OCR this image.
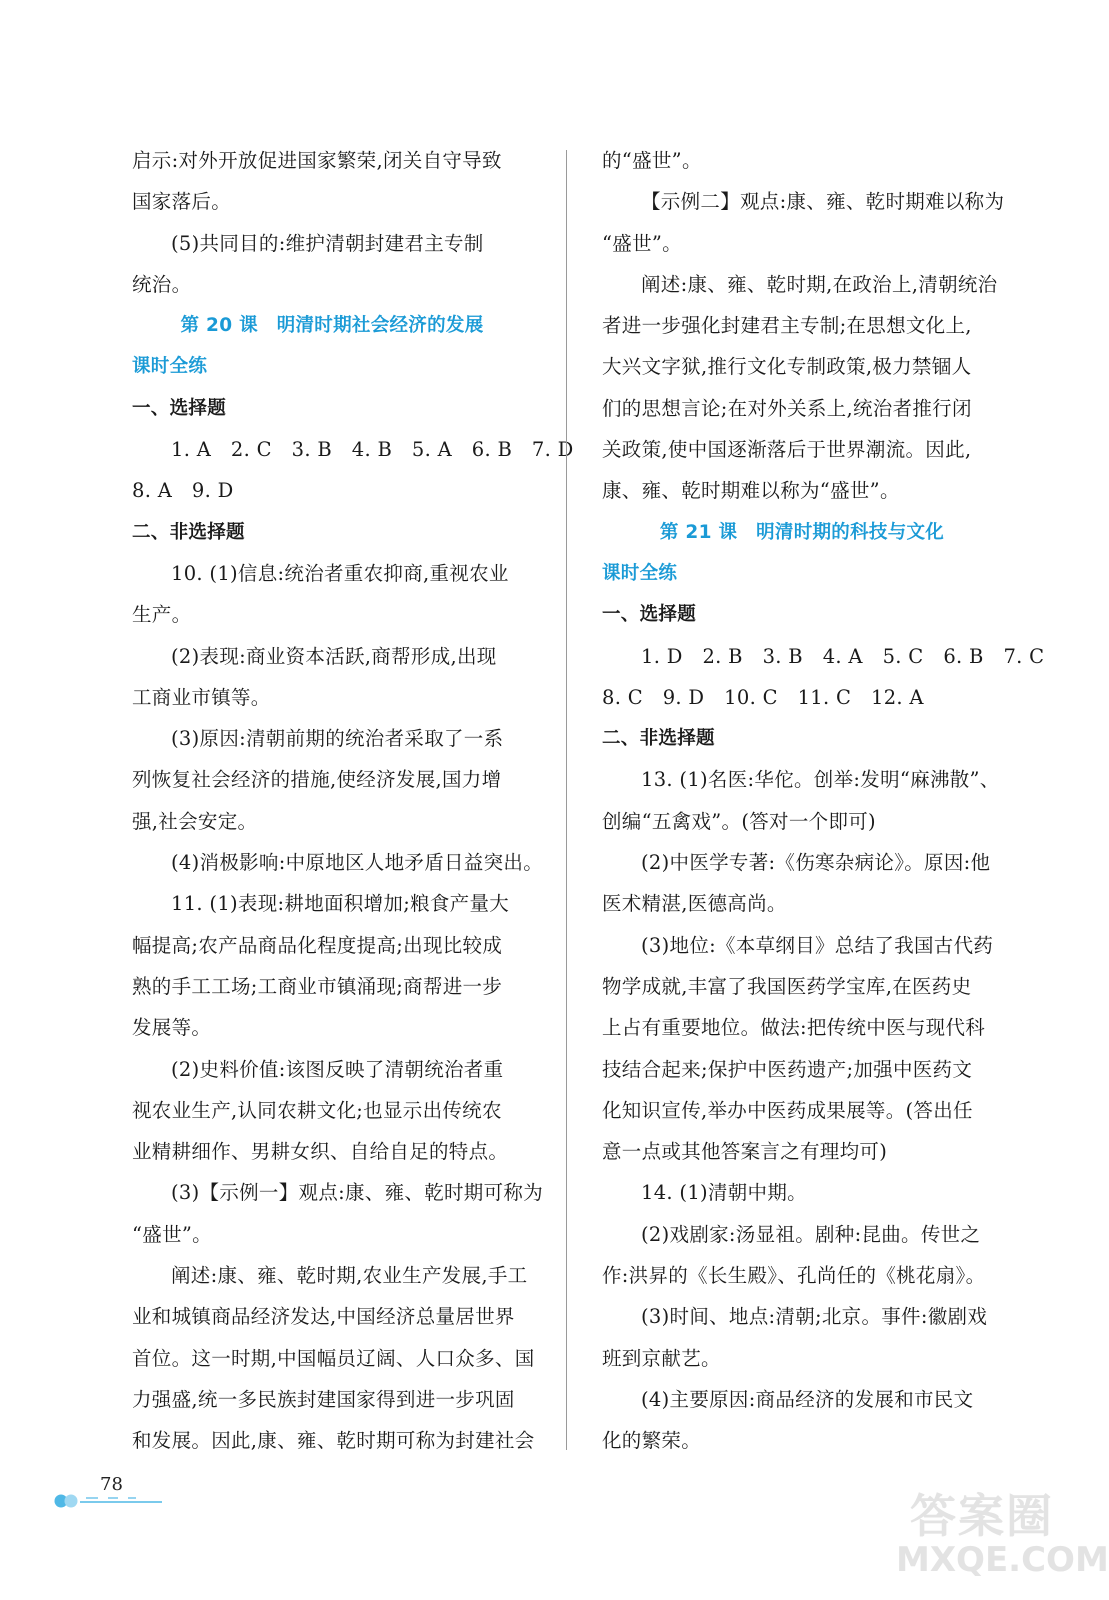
启示:对外开放促进国家繁荣,闭关自守导致
国家落后。
(5)共同目的:维护清朝封建君主专制
统治。
第 20 课　明清时期社会经济的发展
课时全练
一、选择题
1. A　2. C　3. B　4. B　5. A　6. B　7. D
8. A　9. D
二、非选择题
10. (1)信息:统治者重农抑商,重视农业
生产。
(2)表现:商业资本活跃,商帮形成,出现
工商业市镇等。
(3)原因:清朝前期的统治者采取了一系
列恢复社会经济的措施,使经济发展,国力增
强,社会安定。
(4)消极影响:中原地区人地矛盾日益突出。
11. (1)表现:耕地面积增加;粮食产量大
幅提高;农产品商品化程度提高;出现比较成
熟的手工工场;工商业市镇涌现;商帮进一步
发展等。
(2)史料价值:该图反映了清朝统治者重
视农业生产,认同农耕文化;也显示出传统农
业精耕细作、男耕女织、自给自足的特点。
(3)【示例一】观点:康、雍、乾时期可称为
“盛世”。
阐述:康、雍、乾时期,农业生产发展,手工
业和城镇商品经济发达,中国经济总量居世界
首位。这一时期,中国幅员辽阔、人口众多、国
力强盛,统一多民族封建国家得到进一步巩固
和发展。因此,康、雍、乾时期可称为封建社会
的“盛世”。
【示例二】观点:康、雍、乾时期难以称为
“盛世”。
阐述:康、雍、乾时期,在政治上,清朝统治
者进一步强化封建君主专制;在思想文化上,
大兴文字狱,推行文化专制政策,极力禁锢人
们的思想言论;在对外关系上,统治者推行闭
关政策,使中国逐渐落后于世界潮流。因此,
康、雍、乾时期难以称为“盛世”。
第 21 课　明清时期的科技与文化
课时全练
一、选择题
1. D　2. B　3. B　4. A　5. C　6. B　7. C
8. C　9. D　10. C　11. C　12. A
二、非选择题
13. (1)名医:华佗。创举:发明“麻沸散”、
创编“五禽戏”。(答对一个即可)
(2)中医学专著:《伤寒杂病论》。原因:他
医术精湛,医德高尚。
(3)地位:《本草纲目》总结了我国古代药
物学成就,丰富了我国医药学宝库,在医药史
上占有重要地位。做法:把传统中医与现代科
技结合起来;保护中医药遗产;加强中医药文
化知识宣传,举办中医药成果展等。(答出任
意一点或其他答案言之有理均可)
14. (1)清朝中期。
(2)戏剧家:汤显祖。剧种:昆曲。传世之
作:洪昇的《长生殿》、孔尚任的《桃花扇》。
(3)时间、地点:清朝;北京。事件:徽剧戏
班到京献艺。
(4)主要原因:商品经济的发展和市民文
化的繁荣。
78
答案圈
MXQE.COM
